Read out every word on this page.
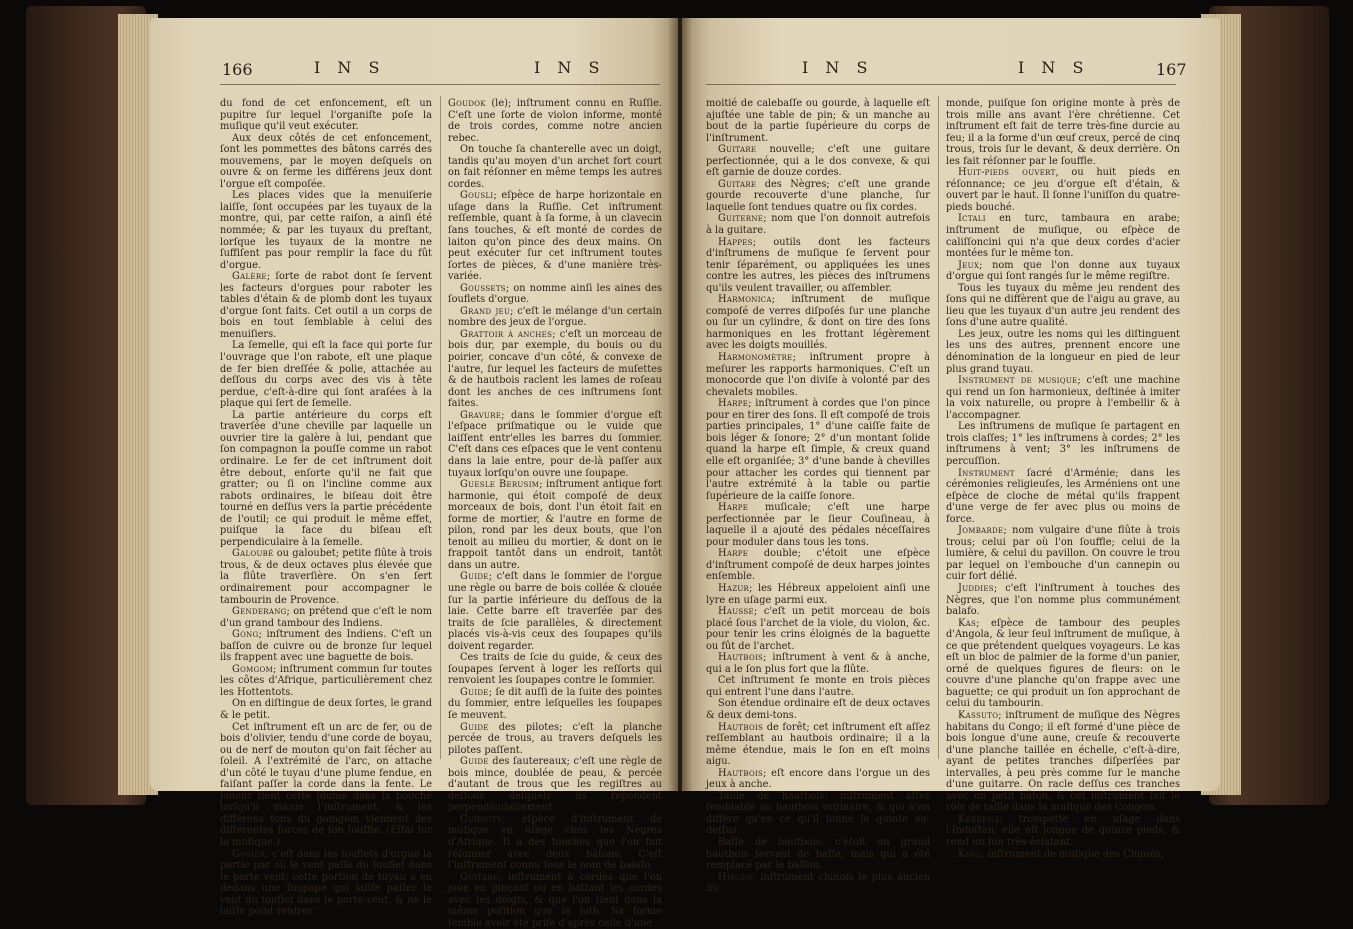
166	I N S	I N S

du fond de cet enfoncement, eſt un pupitre ſur lequel l'organiſte poſe la muſique qu'il veut exécuter.

Aux deux côtés de cet enfoncement, ſont les pommettes des bâtons carrés des mouvemens, par le moyen deſquels on ouvre & on ferme les différens jeux dont l'orgue eſt compoſée.

Les places vides que la menuiſerie laiſſe, ſont occupées par les tuyaux de la montre, qui, par cette raiſon, a ainſi été nommée; & par les tuyaux du preſtant, lorſque les tuyaux de la montre ne ſuffiſent pas pour remplir la face du fût d'orgue.

Galère; ſorte de rabot dont ſe ſervent les facteurs d'orgues pour raboter les tables d'étain & de plomb dont les tuyaux d'orgue ſont faits. Cet outil a un corps de bois en tout ſemblable à celui des menuiſiers.

La ſemelle, qui eſt la face qui porte ſur l'ouvrage que l'on rabote, eſt une plaque de fer bien dreſſée & polie, attachée au deſſous du corps avec des vis à tête perdue, c'eſt-à-dire qui ſont araſées à la plaque qui ſert de ſemelle.

La partie antérieure du corps eſt traverſée d'une cheville par laquelle un ouvrier tire la galère à lui, pendant que ſon compagnon la pouſſe comme un rabot ordinaire. Le fer de cet inſtrument doit être debout, enſorte qu'il ne fait que gratter; ou ſi on l'incline comme aux rabots ordinaires, le biſeau doit être tourné en deſſus vers la partie précédente de l'outil; ce qui produit le même effet, puiſque la face du biſeau eſt perpendiculaire à la ſemelle.

Galoubé ou galoubet; petite flûte à trois trous, & de deux octaves plus élevée que la flûte traverſière. On s'en ſert ordinairement pour accompagner le tambourin de Provence.

Genderang; on prétend que c'eſt le nom d'un grand tambour des Indiens.

Gong; inſtrument des Indiens. C'eſt un baſſon de cuivre ou de bronze ſur lequel ils frappent avec une baguette de bois.

Gomgom; inſtrument commun ſur toutes les côtes d'Afrique, particulièrement chez les Hottentots.

On en diſtingue de deux ſortes, le grand & le petit.

Cet inſtrument eſt un arc de fer, ou de bois d'olivier, tendu d'une corde de boyau, ou de nerf de mouton qu'on fait ſécher au ſoleil. A l'extrémité de l'arc, on attache d'un côté le tuyau d'une plume fendue, en faiſant paſſer la corde dans la fente. Le joueur tient cette plume dans la bouche lorſqu'il manie l'inſtrument; & les différens tons du gomgom viennent des différentes forces de ſon ſouffle. (Eſſai ſur la muſique.)

Gosier; c'eſt dans les ſouflets d'orgue la partie par où le vent paſſe du ſouflet dans le porte vent; cette portion de tuyau a en dedans une ſoupape qui laiſſe paſſer le vent du ſouflet dans le porte-vent, & ne le laiſſe point rentrer.

Goudok (le); inſtrument connu en Ruſſie. C'eſt une ſorte de violon informe, monté de trois cordes, comme notre ancien rebec.

On touche ſa chanterelle avec un doigt, tandis qu'au moyen d'un archet fort court on fait réſonner en même temps les autres cordes.

Gousli; eſpèce de harpe horizontale en uſage dans la Ruſſie. Cet inſtrument reſſemble, quant à ſa forme, à un clavecin ſans touches, & eſt monté de cordes de laiton qu'on pince des deux mains. On peut exécuter ſur cet inſtrument toutes ſortes de pièces, & d'une manière très-variée.

Goussets; on nomme ainſi les aines des ſouflets d'orgue.

Grand jeu; c'eſt le mélange d'un certain nombre des jeux de l'orgue.

Grattoir à anches; c'eſt un morceau de bois dur, par exemple, du bouis ou du poirier, concave d'un côté, & convexe de l'autre, ſur lequel les facteurs de muſettes & de hautbois raclent les lames de roſeau dont les anches de ces inſtrumens ſont faites.

Gravure; dans le ſommier d'orgue eſt l'eſpace priſmatique ou le vuide que laiſſent entr'elles les barres du ſommier. C'eſt dans ces eſpaces que le vent contenu dans la laie entre, pour de-là paſſer aux tuyaux lorſqu'on ouvre une ſoupape.

Guesle Berusim; inſtrument antique fort harmonie, qui étoit compoſé de deux morceaux de bois, dont l'un étoit fait en forme de mortier, & l'autre en forme de pilon, rond par les deux bouts, que l'on tenoit au milieu du mortier, & dont on le frappoit tantôt dans un endroit, tantôt dans un autre.

Guide; c'eſt dans le ſommier de l'orgue une règle ou barre de bois collée & clouée ſur la partie inférieure du deſſous de la laie. Cette barre eſt traverſée par des traits de ſcie parallèles, & directement placés vis-à-vis ceux des ſoupapes qu'ils doivent regarder.

Ces traits de ſcie du guide, & ceux des ſoupapes ſervent à loger les reſſorts qui renvoient les ſoupapes contre le ſommier.

Guide; ſe dit auſſi de la ſuite des pointes du ſommier, entre leſquelles les ſoupapes ſe meuvent.

Guide des pilotes; c'eſt la planche percée de trous, au travers deſquels les pilotes paſſent.

Guide des ſautereaux; c'eſt une règle de bois mince, doublée de peau, & percée d'autant de trous que les regiſtres au deſſous deſquels ils répondent perpendiculairement.

Guiriots; eſpèce d'inſtrument de muſique en uſage chez les Nègres d'Afrique. Il a des touches que l'on fait réſonner avec deux bâtons. C'eſt l'inſtrument connu ſous le nom de balafo.

Guitare; inſtrument à cordes que l'on joue en pinçant ou en battant les cordes avec les doigts, & que l'on tient dans la même poſition que le luth. Sa forme ſemble avoir été priſe d'après celle d'une

I N S	I N S	167

moitié de calebaſſe ou gourde, à laquelle eſt ajuſtée une table de pin; & un manche au bout de la partie ſupérieure du corps de l'inſtrument.

Guitare nouvelle; c'eſt une guitare perfectionnée, qui a le dos convexe, & qui eſt garnie de douze cordes.

Guitare des Nègres; c'eſt une grande gourde recouverte d'une planche, ſur laquelle ſont tendues quatre ou ſix cordes.

Guiterne; nom que l'on donnoit autrefois à la guitare.

Happes; outils dont les facteurs d'inſtrumens de muſique ſe ſervent pour tenir ſéparément, ou appliquées les unes contre les autres, les pièces des inſtrumens qu'ils veulent travailler, ou aſſembler.

Harmonica; inſtrument de muſique compoſé de verres diſpoſés ſur une planche ou ſur un cylindre, & dont on tire des ſons harmoniques en les frottant légèrement avec les doigts mouillés.

Harmonomètre; inſtrument propre à meſurer les rapports harmoniques. C'eſt un monocorde que l'on diviſe à volonté par des chevalets mobiles.

Harpe; inſtrument à cordes que l'on pince pour en tirer des ſons. Il eſt compoſé de trois parties principales, 1° d'une caiſſe faite de bois léger & ſonore; 2° d'un montant ſolide quand la harpe eſt ſimple, & creux quand elle eſt organiſée; 3° d'une bande à chevilles pour attacher les cordes qui tiennent par l'autre extrémité à la table ou partie ſupérieure de la caiſſe ſonore.

Harpe muſicale; c'eſt une harpe perfectionnée par le ſieur Couſineau, à laquelle il a ajouté des pédales néceſſaires pour moduler dans tous les tons.

Harpe double; c'étoit une eſpèce d'inſtrument compoſé de deux harpes jointes enſemble.

Hazur; les Hébreux appeloient ainſi une lyre en uſage parmi eux.

Hausse; c'eſt un petit morceau de bois placé ſous l'archet de la viole, du violon, &c. pour tenir les crins éloignés de la baguette ou fût de l'archet.

Hautbois; inſtrument à vent & à anche, qui a le ſon plus fort que la flûte.

Cet inſtrument ſe monte en trois pièces qui entrent l'une dans l'autre.

Son étendue ordinaire eſt de deux octaves & deux demi-tons.

Hautbois de forêt; cet inſtrument eſt aſſez reſſemblant au hautbois ordinaire; il a la même étendue, mais le ſon en eſt moins aigu.

Hautbois; eſt encore dans l'orgue un des jeux à anche.

Taille de hautbois; inſtrument aſſez ſemblable au hautbois ordinaire, & qui n'en diffère qu'en ce qu'il ſonne la quinte au-deſſus.

Baſſe de hautbois; c'étoit un grand hautbois ſervant de baſſe; mais qui a été remplacé par le baſſon.

Hiscen; inſtrument chinois le plus ancien du

monde, puiſque ſon origine monte à près de trois mille ans avant l'ère chrétienne. Cet inſtrument eſt fait de terre très-fine durcie au feu; il a la forme d'un œuf creux, percé de cinq trous, trois ſur le devant, & deux derrière. On les fait réſonner par le ſouffle.

Huit-pieds ouvert, ou huit pieds en réſonnance; ce jeu d'orgue eſt d'étain, & ouvert par le haut. Il ſonne l'uniſſon du quatre-pieds bouché.

Ictali en turc, tambaura en arabe; inſtrument de muſique, ou eſpèce de caliſſoncini qui n'a que deux cordes d'acier montées ſur le même ton.

Jeux; nom que l'on donne aux tuyaux d'orgue qui ſont rangés ſur le même regiſtre.

Tous les tuyaux du même jeu rendent des ſons qui ne diffèrent que de l'aigu au grave, au lieu que les tuyaux d'un autre jeu rendent des ſons d'une autre qualité.

Les jeux, outre les noms qui les diſtinguent les uns des autres, prennent encore une dénomination de la longueur en pied de leur plus grand tuyau.

Instrument de musique; c'eſt une machine qui rend un ſon harmonieux, deſtinée à imiter la voix naturelle, ou propre à l'embellir & à l'accompagner.

Les inſtrumens de muſique ſe partagent en trois claſſes; 1° les inſtrumens à cordes; 2° les inſtrumens à vent; 3° les inſtrumens de percuſſion.

Instrument ſacré d'Arménie; dans les cérémonies religieuſes, les Arméniens ont une eſpèce de cloche de métal qu'ils frappent d'une verge de fer avec plus ou moins de force.

Jombarde; nom vulgaire d'une flûte à trois trous; celui par où l'on ſouffle; celui de la lumière, & celui du pavillon. On couvre le trou par lequel on l'embouche d'un cannepin ou cuir fort délié.

Juddies; c'eſt l'inſtrument à touches des Nègres, que l'on nomme plus communément balafo.

Kas; eſpèce de tambour des peuples d'Angola, & leur ſeul inſtrument de muſique, à ce que prétendent quelques voyageurs. Le kas eſt un bloc de palmier de la forme d'un panier, orné de quelques figures de fleurs: on le couvre d'une planche qu'on frappe avec une baguette; ce qui produit un ſon approchant de celui du tambourin.

Kassuto; inſtrument de muſique des Nègres habitans du Congo; il eſt formé d'une pièce de bois longue d'une aune, creuſe & recouverte d'une planche taillée en échelle, c'eſt-à-dire, ayant de petites tranches diſperſées par intervalles, à peu près comme ſur le manche d'une guitarre. On racle deſſus ces tranches avec un petit bâton, & cet inſtrument fait le rôle de taille dans la muſique des Congois.

Kerrena; trompette en uſage dans l'Indoſtan; elle eſt longue de quinze pieds, & rend un ſon très-éclatant.

King; inſtrument de muſique des Chinois,
